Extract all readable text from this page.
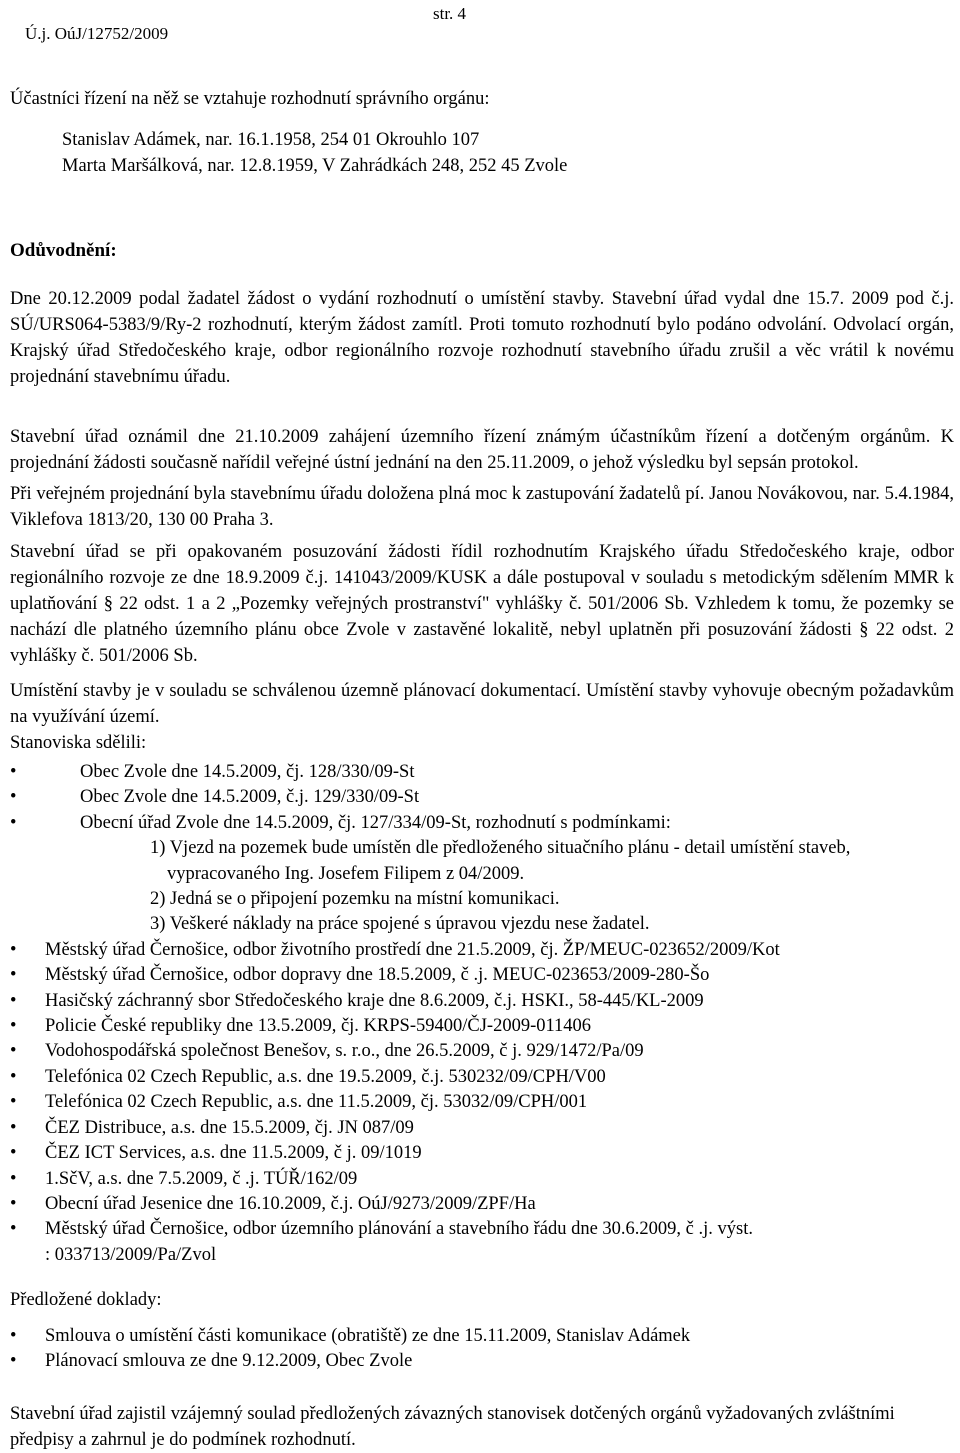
Ú.j. OúJ/12752/2009

str. 4

Účastníci řízení na něž se vztahuje rozhodnutí správního orgánu:

Stanislav Adámek, nar. 16.1.1958, 254 01 Okrouhlo 107
Marta Maršálková, nar. 12.8.1959, V Zahrádkách 248, 252 45 Zvole

Odůvodnění:

Dne 20.12.2009 podal žadatel žádost o vydání rozhodnutí o umístění stavby. Stavební úřad vydal dne 15.7. 2009 pod č.j. SÚ/URS064-5383/9/Ry-2 rozhodnutí, kterým žádost zamítl. Proti tomuto rozhodnutí bylo podáno odvolání. Odvolací orgán, Krajský úřad Středočeského kraje, odbor regionálního rozvoje rozhodnutí stavebního úřadu zrušil a věc vrátil k novému projednání stavebnímu úřadu.

Stavební úřad oznámil dne 21.10.2009 zahájení územního řízení známým účastníkům řízení a dotčeným orgánům. K projednání žádosti současně nařídil veřejné ústní jednání na den 25.11.2009, o jehož výsledku byl sepsán protokol.

Při veřejném projednání byla stavebnímu úřadu doložena plná moc k zastupování žadatelů pí. Janou Novákovou, nar. 5.4.1984, Viklefova 1813/20, 130 00 Praha 3.

Stavební úřad se při opakovaném posuzování žádosti řídil rozhodnutím Krajského úřadu Středočeského kraje, odbor regionálního rozvoje ze dne 18.9.2009 č.j. 141043/2009/KUSK a dále postupoval v souladu s metodickým sdělením MMR k uplatňování § 22 odst. 1 a 2 „Pozemky veřejných prostranství" vyhlášky č. 501/2006 Sb. Vzhledem k tomu, že pozemky se nachází dle platného územního plánu obce Zvole v zastavěné lokalitě, nebyl uplatněn při posuzování žádosti § 22 odst. 2 vyhlášky č. 501/2006 Sb.

Umístění stavby je v souladu se schválenou územně plánovací dokumentací. Umístění stavby vyhovuje obecným požadavkům na využívání území.

Stanoviska sdělili:

•	Obec Zvole dne 14.5.2009, čj. 128/330/09-St
•	Obec Zvole dne 14.5.2009, č.j. 129/330/09-St
•	Obecní úřad Zvole dne 14.5.2009, čj. 127/334/09-St, rozhodnutí s podmínkami:
1) Vjezd na pozemek bude umístěn dle předloženého situačního plánu - detail umístění staveb,
vypracovaného Ing. Josefem Filipem z 04/2009.
2) Jedná se o připojení pozemku na místní komunikaci.
3) Veškeré náklady na práce spojené s úpravou vjezdu nese žadatel.
•	Městský úřad Černošice, odbor životního prostředí dne 21.5.2009, čj. ŽP/MEUC-023652/2009/Kot
•	Městský úřad Černošice, odbor dopravy dne 18.5.2009, č .j. MEUC-023653/2009-280-Šo
•	Hasičský záchranný sbor Středočeského kraje dne 8.6.2009, č.j. HSKI., 58-445/KL-2009
•	Policie České republiky dne 13.5.2009, čj. KRPS-59400/ČJ-2009-011406
•	Vodohospodářská společnost Benešov, s. r.o., dne 26.5.2009, č j. 929/1472/Pa/09
•	Telefónica 02 Czech Republic, a.s. dne 19.5.2009, č.j. 530232/09/CPH/V00
•	Telefónica 02 Czech Republic, a.s. dne 11.5.2009, čj. 53032/09/CPH/001
•	ČEZ Distribuce, a.s. dne 15.5.2009, čj. JN 087/09
•	ČEZ ICT Services, a.s. dne 11.5.2009, č j. 09/1019
•	1.SčV, a.s. dne 7.5.2009, č .j. TÚŘ/162/09
•	Obecní úřad Jesenice dne 16.10.2009, č.j. OúJ/9273/2009/ZPF/Ha
•	Městský úřad Černošice, odbor územního plánování a stavebního řádu dne 30.6.2009, č .j. výst.
: 033713/2009/Pa/Zvol

Předložené doklady:

•	Smlouva o umístění části komunikace (obratiště) ze dne 15.11.2009, Stanislav Adámek
•	Plánovací smlouva ze dne 9.12.2009, Obec Zvole

Stavební úřad zajistil vzájemný soulad předložených závazných stanovisek dotčených orgánů vyžadovaných zvláštními předpisy a zahrnul je do podmínek rozhodnutí.
